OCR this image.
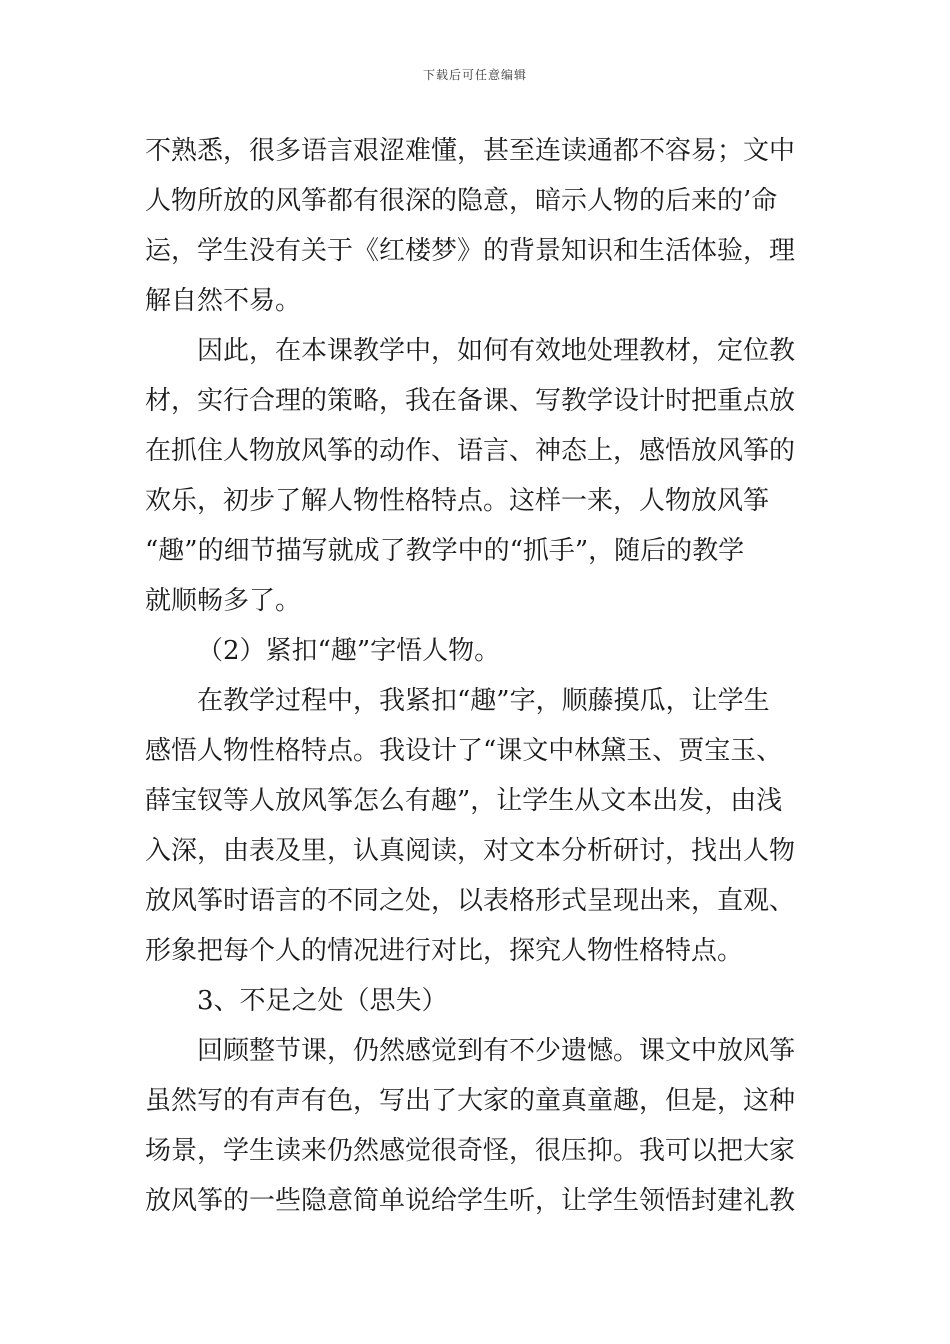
下载后可任意编辑
不熟悉，很多语言艰涩难懂，甚至连读通都不容易；文中
人物所放的风筝都有很深的隐意，暗示人物的后来的’命
运，学生没有关于《红楼梦》的背景知识和生活体验，理
解自然不易。
因此，在本课教学中，如何有效地处理教材，定位教
材，实行合理的策略，我在备课、写教学设计时把重点放
在抓住人物放风筝的动作、语言、神态上，感悟放风筝的
欢乐，初步了解人物性格特点。这样一来，人物放风筝
“趣”的细节描写就成了教学中的“抓手”，随后的教学
就顺畅多了。
（2）紧扣“趣”字悟人物。
在教学过程中，我紧扣“趣”字，顺藤摸瓜，让学生
感悟人物性格特点。我设计了“课文中林黛玉、贾宝玉、
薛宝钗等人放风筝怎么有趣”，让学生从文本出发，由浅
入深，由表及里，认真阅读，对文本分析研讨，找出人物
放风筝时语言的不同之处，以表格形式呈现出来，直观、
形象把每个人的情况进行对比，探究人物性格特点。
3、不足之处（思失）
回顾整节课，仍然感觉到有不少遗憾。课文中放风筝
虽然写的有声有色，写出了大家的童真童趣，但是，这种
场景，学生读来仍然感觉很奇怪，很压抑。我可以把大家
放风筝的一些隐意简单说给学生听，让学生领悟封建礼教
